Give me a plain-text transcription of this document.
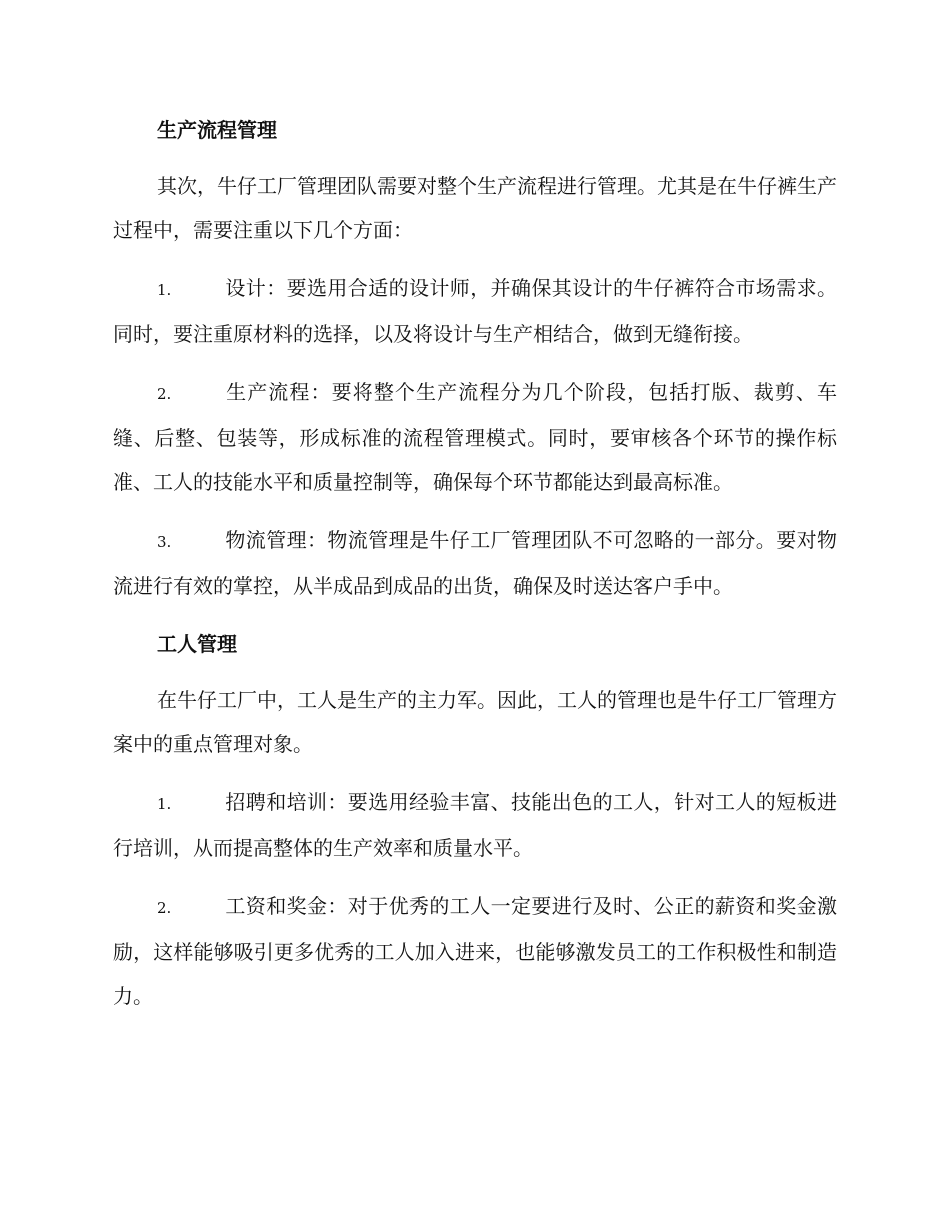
生产流程管理

其次，牛仔工厂管理团队需要对整个生产流程进行管理。尤其是在牛仔裤生产过程中，需要注重以下几个方面：

1.	设计：要选用合适的设计师，并确保其设计的牛仔裤符合市场需求。同时，要注重原材料的选择，以及将设计与生产相结合，做到无缝衔接。

2.	生产流程：要将整个生产流程分为几个阶段，包括打版、裁剪、车缝、后整、包装等，形成标准的流程管理模式。同时，要审核各个环节的操作标准、工人的技能水平和质量控制等，确保每个环节都能达到最高标准。

3.	物流管理：物流管理是牛仔工厂管理团队不可忽略的一部分。要对物流进行有效的掌控，从半成品到成品的出货，确保及时送达客户手中。

工人管理

在牛仔工厂中，工人是生产的主力军。因此，工人的管理也是牛仔工厂管理方案中的重点管理对象。

1.	招聘和培训：要选用经验丰富、技能出色的工人，针对工人的短板进行培训，从而提高整体的生产效率和质量水平。

2.	工资和奖金：对于优秀的工人一定要进行及时、公正的薪资和奖金激励，这样能够吸引更多优秀的工人加入进来，也能够激发员工的工作积极性和制造力。
